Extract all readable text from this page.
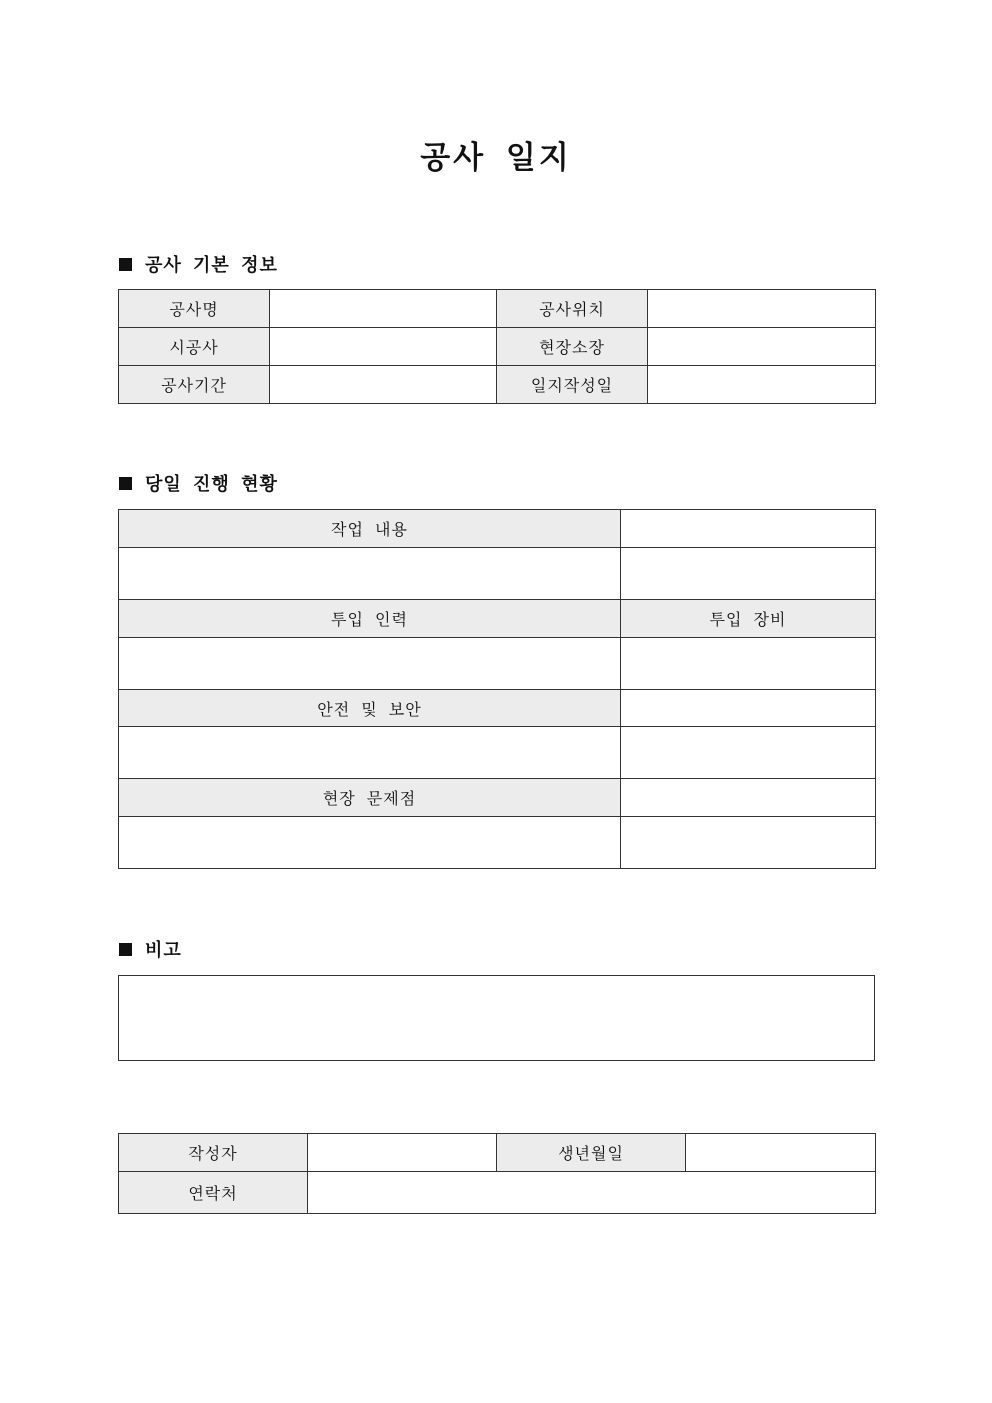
공사 일지
공사 기본 정보
공사명		공사위치	
시공사		현장소장	
공사기간		일지작성일	
당일 진행 현황
작업 내용	

투입 인력	투입 장비

안전 및 보안	

현장 문제점	

비고
작성자		생년월일	
연락처			
